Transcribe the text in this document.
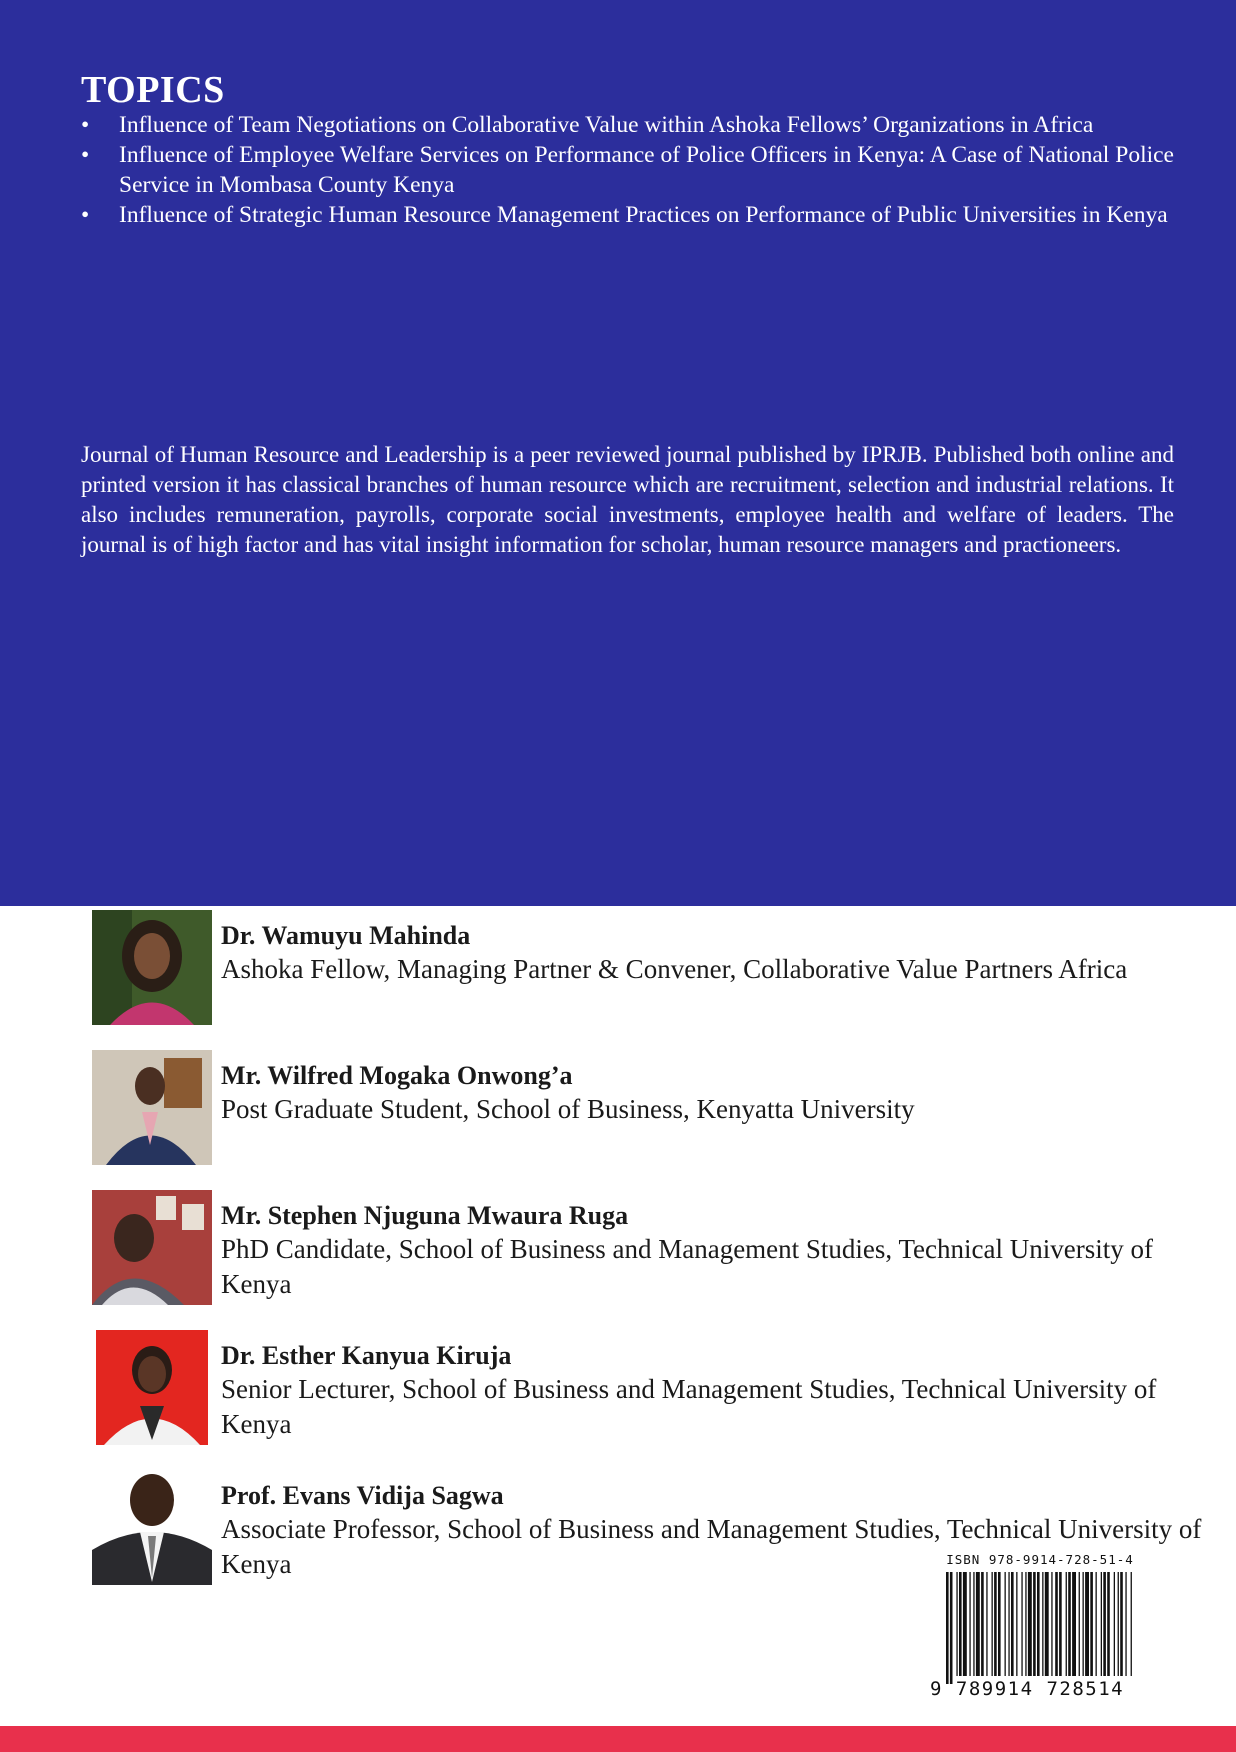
TOPICS
• Influence of Team Negotiations on Collaborative Value within Ashoka Fellows’ Organizations in Africa
• Influence of Employee Welfare Services on Performance of Police Officers in Kenya: A Case of National Police Service in Mombasa County Kenya
• Influence of Strategic Human Resource Management Practices on Performance of Public Universities in Kenya

Journal of Human Resource and Leadership is a peer reviewed journal published by IPRJB. Published both online and printed version it has classical branches of human resource which are recruitment, selection and industrial relations. It also includes remuneration, payrolls, corporate social investments, employee health and welfare of leaders. The journal is of high factor and has vital insight information for scholar, human resource managers and practioneers.

Dr. Wamuyu Mahinda
Ashoka Fellow, Managing Partner & Convener, Collaborative Value Partners Africa
Mr. Wilfred Mogaka Onwong’a
Post Graduate Student, School of Business, Kenyatta University
Mr. Stephen Njuguna Mwaura Ruga
PhD Candidate, School of Business and Management Studies, Technical University of Kenya
Dr. Esther Kanyua Kiruja
Senior Lecturer, School of Business and Management Studies, Technical University of Kenya
Prof. Evans Vidija Sagwa
Associate Professor, School of Business and Management Studies, Technical University of Kenya	ISBN 978-9914-728-51-4
9 789914 728514
